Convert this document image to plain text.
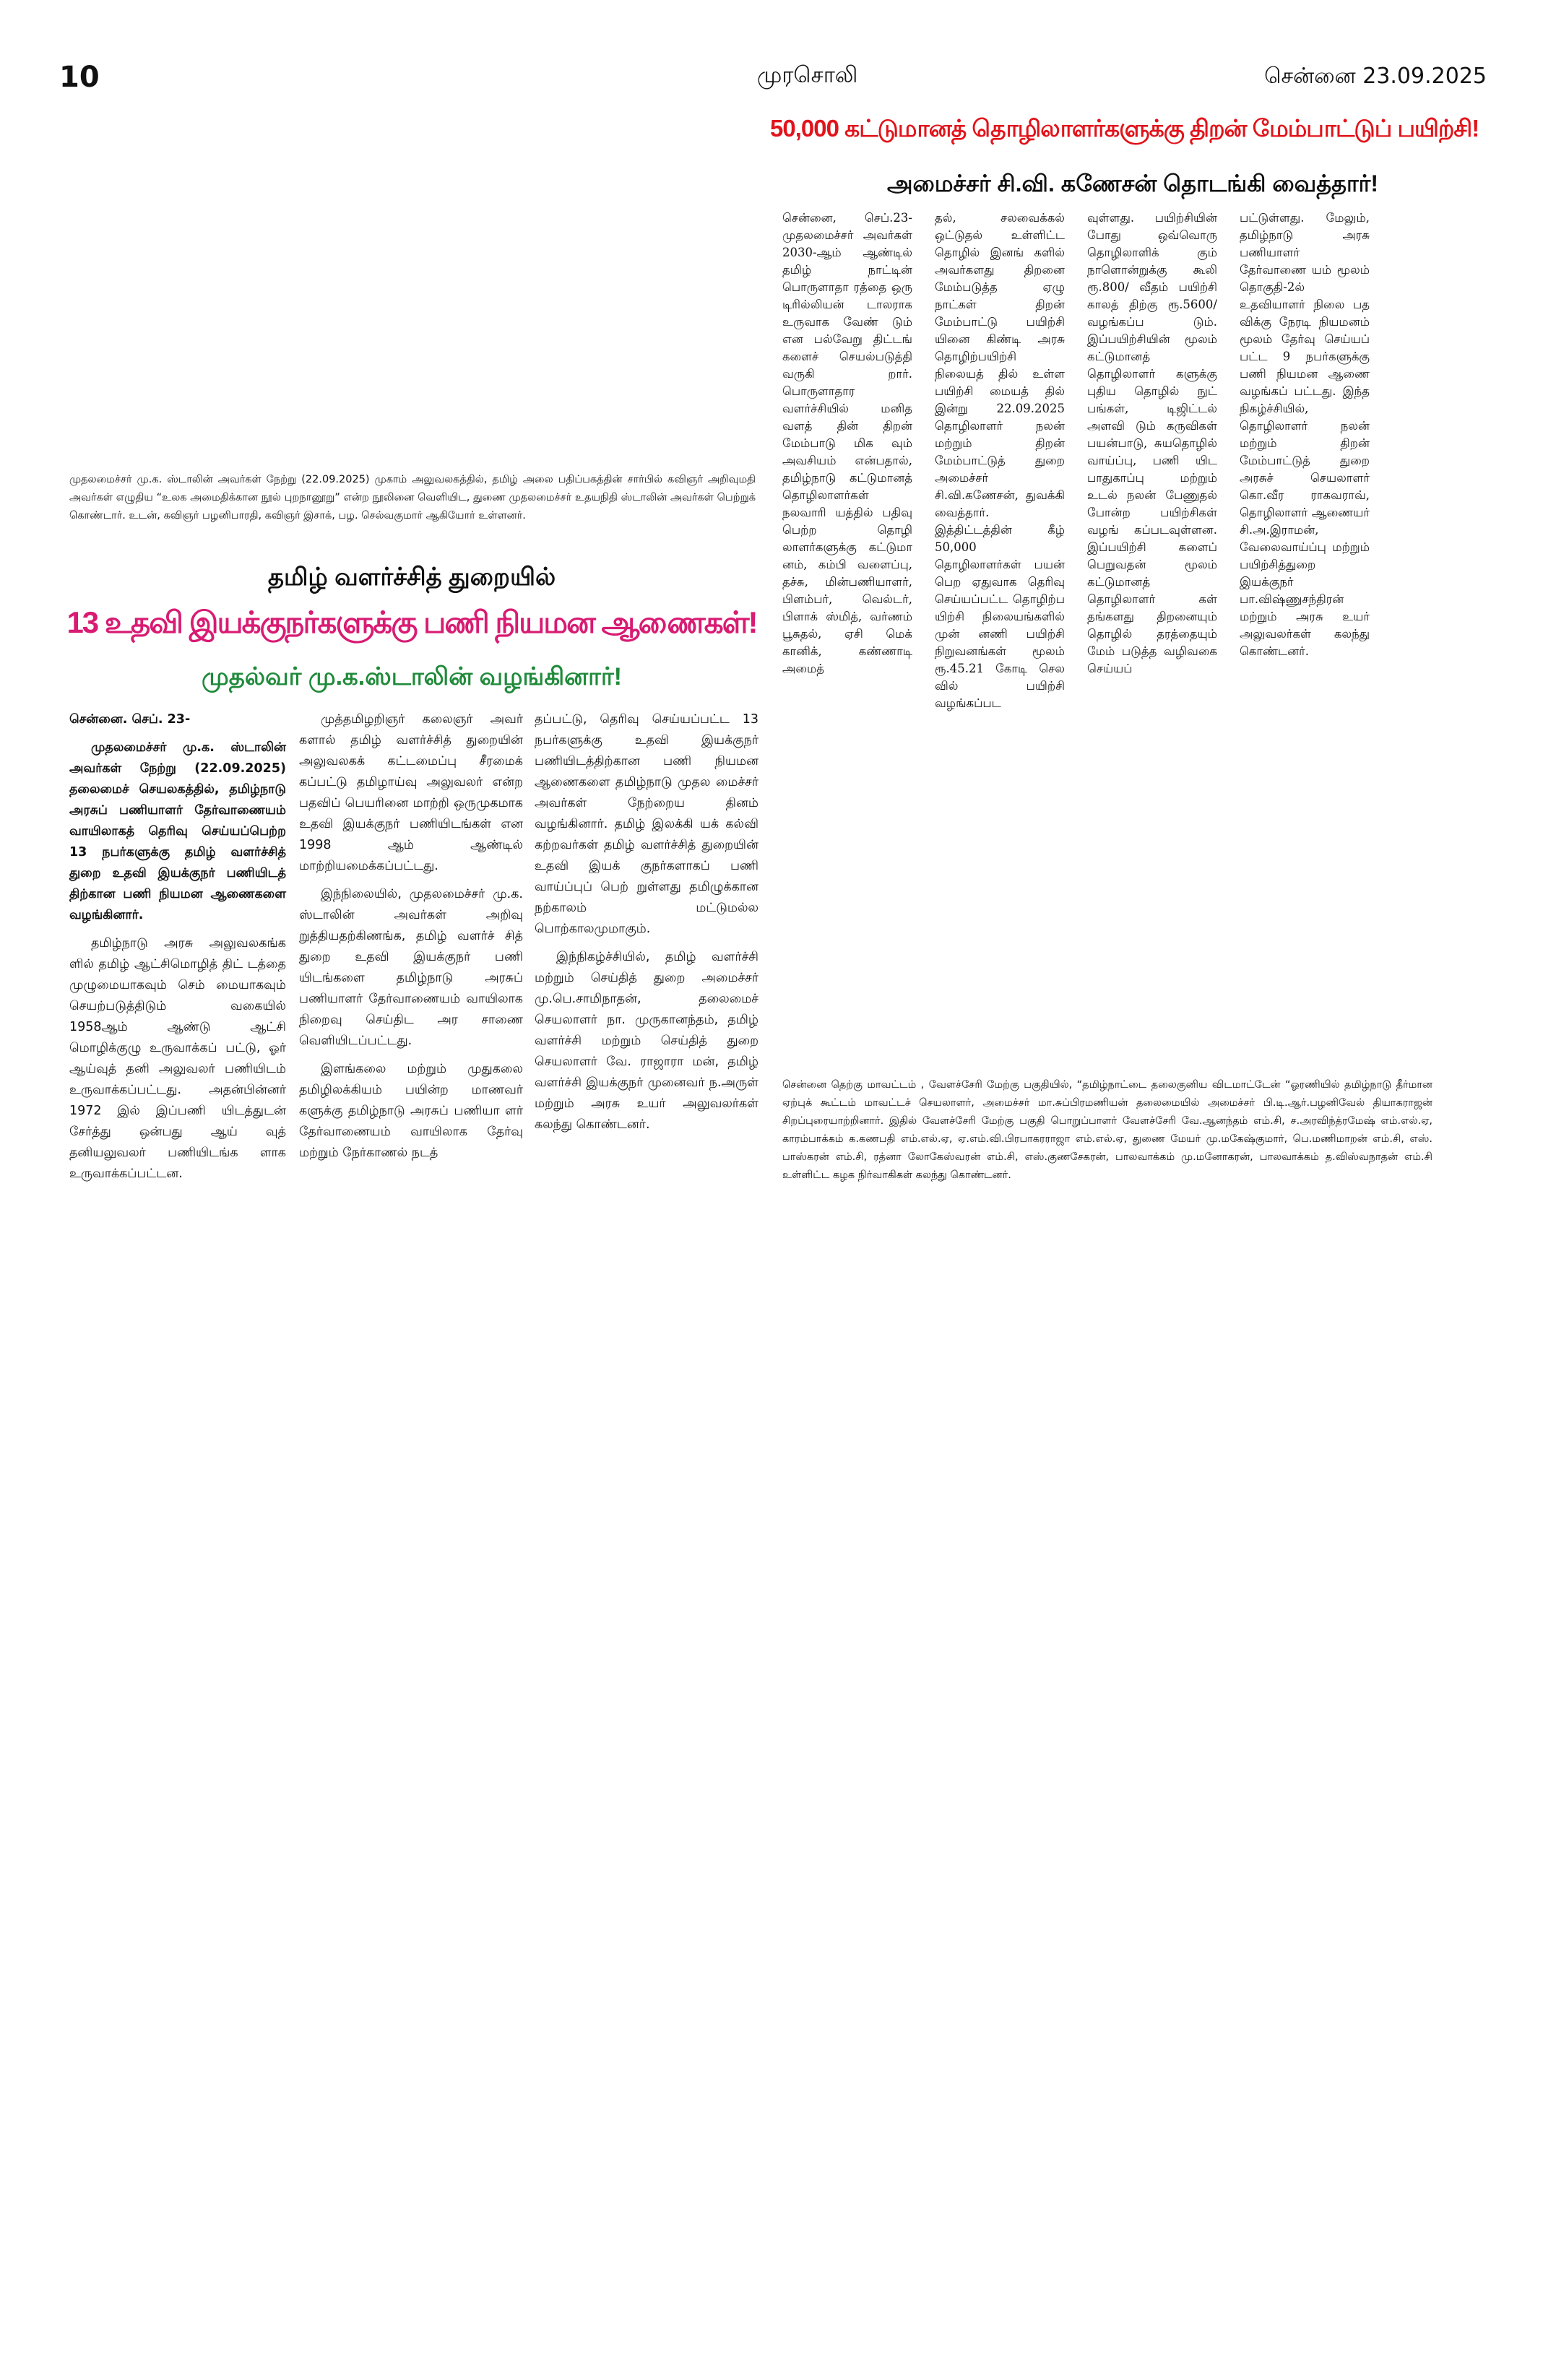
10	முரசொலி	சென்னை 23.09.2025
50,000 கட்டுமானத் தொழிலாளர்களுக்கு திறன் மேம்பாட்டுப் பயிற்சி!
அமைச்சர் சி.வி. கணேசன் தொடங்கி வைத்தார்!

சென்னை, செப்.23- முதலமைச்சர் அவர்கள் 2030-ஆம் ஆண்டில் தமிழ் நாட்டின் பொருளாதா ரத்தை ஒரு டிரில்லியன் டாலராக உருவாக வேண் டும் என பல்வேறு திட்டங் களைச் செயல்படுத்தி வருகி றார். பொருளாதார வளர்ச்சியில் மனித வளத் தின் திறன் மேம்பாடு மிக வும் அவசியம் என்பதால், தமிழ்நாடு கட்டுமானத் தொழிலாளர்கள் நலவாரி யத்தில் பதிவு பெற்ற தொழி லாளர்களுக்கு கட்டுமா னம், கம்பி வளைப்பு, தச்சு, மின்பணியாளர், பிளம்பர், வெல்டர், பிளாக் ஸ்மித், வர்ணம் பூசுதல், ஏசி மெக் கானிக், கண்ணாடி அமைத்

தல், சலவைக்கல் ஒட்டுதல் உள்ளிட்ட தொழில் இனங் களில் அவர்களது திறனை மேம்படுத்த ஏழு நாட்கள் திறன் மேம்பாட்டு பயிற்சி யினை கிண்டி அரசு தொழிற்பயிற்சி நிலையத் தில் உள்ள பயிற்சி மையத் தில் இன்று 22.09.2025 தொழிலாளர் நலன் மற்றும் திறன் மேம்பாட்டுத் துறை அமைச்சர் சி.வி.கணேசன், துவக்கி வைத்தார். இத்திட்டத்தின் கீழ் 50,000 தொழிலாளர்கள் பயன் பெற ஏதுவாக தெரிவு செய்யப்பட்ட தொழிற்ப யிற்சி நிலையங்களில் முன் னணி பயிற்சி நிறுவனங்கள் மூலம் ரூ.45.21 கோடி செல வில் பயிற்சி வழங்கப்பட

வுள்ளது. பயிற்சியின் போது ஒவ்வொரு தொழிலாளிக் கும் நாளொன்றுக்கு கூலி ரூ.800/ வீதம் பயிற்சி காலத் திற்கு ரூ.5600/ வழங்கப்ப டும். இப்பயிற்சியின் மூலம் கட்டுமானத் தொழிலாளர் களுக்கு புதிய தொழில் நுட் பங்கள், டிஜிட்டல் அளவி டும் கருவிகள் பயன்பாடு, சுயதொழில் வாய்ப்பு, பணி யிட பாதுகாப்பு மற்றும் உடல் நலன் பேணுதல் போன்ற பயிற்சிகள் வழங் கப்படவுள்ளன. இப்பயிற்சி களைப் பெறுவதன் மூலம் கட்டுமானத் தொழிலாளர் கள் தங்களது திறனையும் தொழில் தரத்தையும் மேம் படுத்த வழிவகை செய்யப்

பட்டுள்ளது. மேலும், தமிழ்நாடு அரசு பணியாளர் தேர்வாணை யம் மூலம் தொகுதி-2ல் உதவியாளர் நிலை பத விக்கு நேரடி நியமனம் மூலம் தேர்வு செய்யப் பட்ட 9 நபர்களுக்கு பணி நியமன ஆணை வழங்கப் பட்டது. இந்த நிகழ்ச்சியில், தொழிலாளர் நலன் மற்றும் திறன் மேம்பாட்டுத் துறை அரசுச் செயலாளர் கொ.வீர ராகவராவ், தொழிலாளர் ஆணையர் சி.அ.இராமன், வேலைவாய்ப்பு மற்றும் பயிற்சித்துறை இயக்குநர் பா.விஷ்ணுசந்திரன் மற்றும் அரசு உயர் அலுவலர்கள் கலந்து கொண்டனர்.

முதலமைச்சர் மு.க. ஸ்டாலின் அவர்கள் நேற்று (22.09.2025) முகாம் அலுவலகத்தில், தமிழ் அலை பதிப்பகத்தின் சார்பில் கவிஞர் அறிவுமதி அவர்கள் எழுதிய “உலக அமைதிக்கான நூல் புறநானூறு” என்ற நூலினை வெளியிட, துணை முதலமைச்சர் உதயநிதி ஸ்டாலின் அவர்கள் பெற்றுக் கொண்டார். உடன், கவிஞர் பழனிபாரதி, கவிஞர் இசாக், பழ. செல்வகுமார் ஆகியோர் உள்ளனர்.
தமிழ் வளர்ச்சித் துறையில்
13 உதவி இயக்குநர்களுக்கு பணி நியமன ஆணைகள்!
முதல்வர் மு.க.ஸ்டாலின் வழங்கினார்!

சென்னை. செப். 23-

முதலமைச்சர் மு.க. ஸ்டாலின் அவர்கள் நேற்று (22.09.2025) தலைமைச் செயலகத்தில், தமிழ்நாடு அரசுப் பணியாளர் தேர்வாணையம் வாயிலாகத் தெரிவு செய்யப்பெற்ற 13 நபர்களுக்கு தமிழ் வளர்ச்சித் துறை உதவி இயக்குநர் பணியிடத் திற்கான பணி நியமன ஆணைகளை வழங்கினார்.

தமிழ்நாடு அரசு அலுவலகங்க ளில் தமிழ் ஆட்சிமொழித் திட் டத்தை முழுமையாகவும் செம் மையாகவும் செயற்படுத்திடும் வகையில் 1958ஆம் ஆண்டு ஆட்சி மொழிக்குழு உருவாக்கப் பட்டு, ஓர் ஆய்வுத் தனி அலுவலர் பணியிடம் உருவாக்கப்பட்டது. அதன்பின்னர் 1972 இல் இப்பணி யிடத்துடன் சேர்த்து ஒன்பது ஆய் வுத் தனியலுவலர் பணியிடங்க ளாக உருவாக்கப்பட்டன.

முத்தமிழறிஞர் கலைஞர் அவர் களால் தமிழ் வளர்ச்சித் துறையின் அலுவலகக் கட்டமைப்பு சீரமைக் கப்பட்டு தமிழாய்வு அலுவலர் என்ற பதவிப் பெயரினை மாற்றி ஒருமுகமாக உதவி இயக்குநர் பணியிடங்கள் என 1998 ஆம் ஆண்டில் மாற்றியமைக்கப்பட்டது.

இந்நிலையில், முதலமைச்சர் மு.க. ஸ்டாலின் அவர்கள் அறிவு றுத்தியதற்கிணங்க, தமிழ் வளர்ச் சித் துறை உதவி இயக்குநர் பணி யிடங்களை தமிழ்நாடு அரசுப் பணியாளர் தேர்வாணையம் வாயிலாக நிறைவு செய்திட அர சாணை வெளியிடப்பட்டது.

இளங்கலை மற்றும் முதுகலை தமிழிலக்கியம் பயின்ற மாணவர் களுக்கு தமிழ்நாடு அரசுப் பணியா ளர் தேர்வாணையம் வாயிலாக தேர்வு மற்றும் நேர்காணல் நடத்

தப்பட்டு, தெரிவு செய்யப்பட்ட 13 நபர்களுக்கு உதவி இயக்குநர் பணியிடத்திற்கான பணி நியமன ஆணைகளை தமிழ்நாடு முதல மைச்சர் அவர்கள் நேற்றைய தினம் வழங்கினார். தமிழ் இலக்கி யக் கல்வி கற்றவர்கள் தமிழ் வளர்ச்சித் துறையின் உதவி இயக் குநர்களாகப் பணி வாய்ப்புப் பெற் றுள்ளது தமிழுக்கான நற்காலம் மட்டுமல்ல பொற்காலமுமாகும்.

இந்நிகழ்ச்சியில், தமிழ் வளர்ச்சி மற்றும் செய்தித் துறை அமைச்சர் மு.பெ.சாமிநாதன், தலைமைச் செயலாளர் நா. முருகானந்தம், தமிழ் வளர்ச்சி மற்றும் செய்தித் துறை செயலாளர் வே. ராஜாரா மன், தமிழ் வளர்ச்சி இயக்குநர் முனைவர் ந.அருள் மற்றும் அரசு உயர் அலுவலர்கள் கலந்து கொண்டனர்.

சென்னை தெற்கு மாவட்டம் , வேளச்சேரி மேற்கு பகுதியில், “தமிழ்நாட்டை தலைகுனிய விடமாட்டேன் “ஓரணியில் தமிழ்நாடு தீர்மான ஏற்புக் கூட்டம் மாவட்டச் செயலாளர், அமைச்சர் மா.சுப்பிரமணியன் தலைமையில் அமைச்சர் பி.டி.ஆர்.பழனிவேல் தியாகராஜன் சிறப்புரையாற்றினார். இதில் வேளச்சேரி மேற்கு பகுதி பொறுப்பாளர் வேளச்சேரி வே.ஆனந்தம் எம்.சி, ச.அரவிந்த்ரமேஷ் எம்.எல்.ஏ, காரம்பாக்கம் க.கணபதி எம்.எல்.ஏ, ஏ.எம்.வி.பிரபாகரராஜா எம்.எல்.ஏ, துணை மேயர் மு.மகேஷ்குமார், பெ.மணிமாறன் எம்.சி, எஸ். பாஸ்கரன் எம்.சி, ரத்னா லோகேஸ்வரன் எம்.சி, எஸ்.குணசேகரன், பாலவாக்கம் மு.மனோகரன், பாலவாக்கம் த.விஸ்வநாதன் எம்.சி உள்ளிட்ட கழக நிர்வாகிகள் கலந்து கொண்டனர்.
